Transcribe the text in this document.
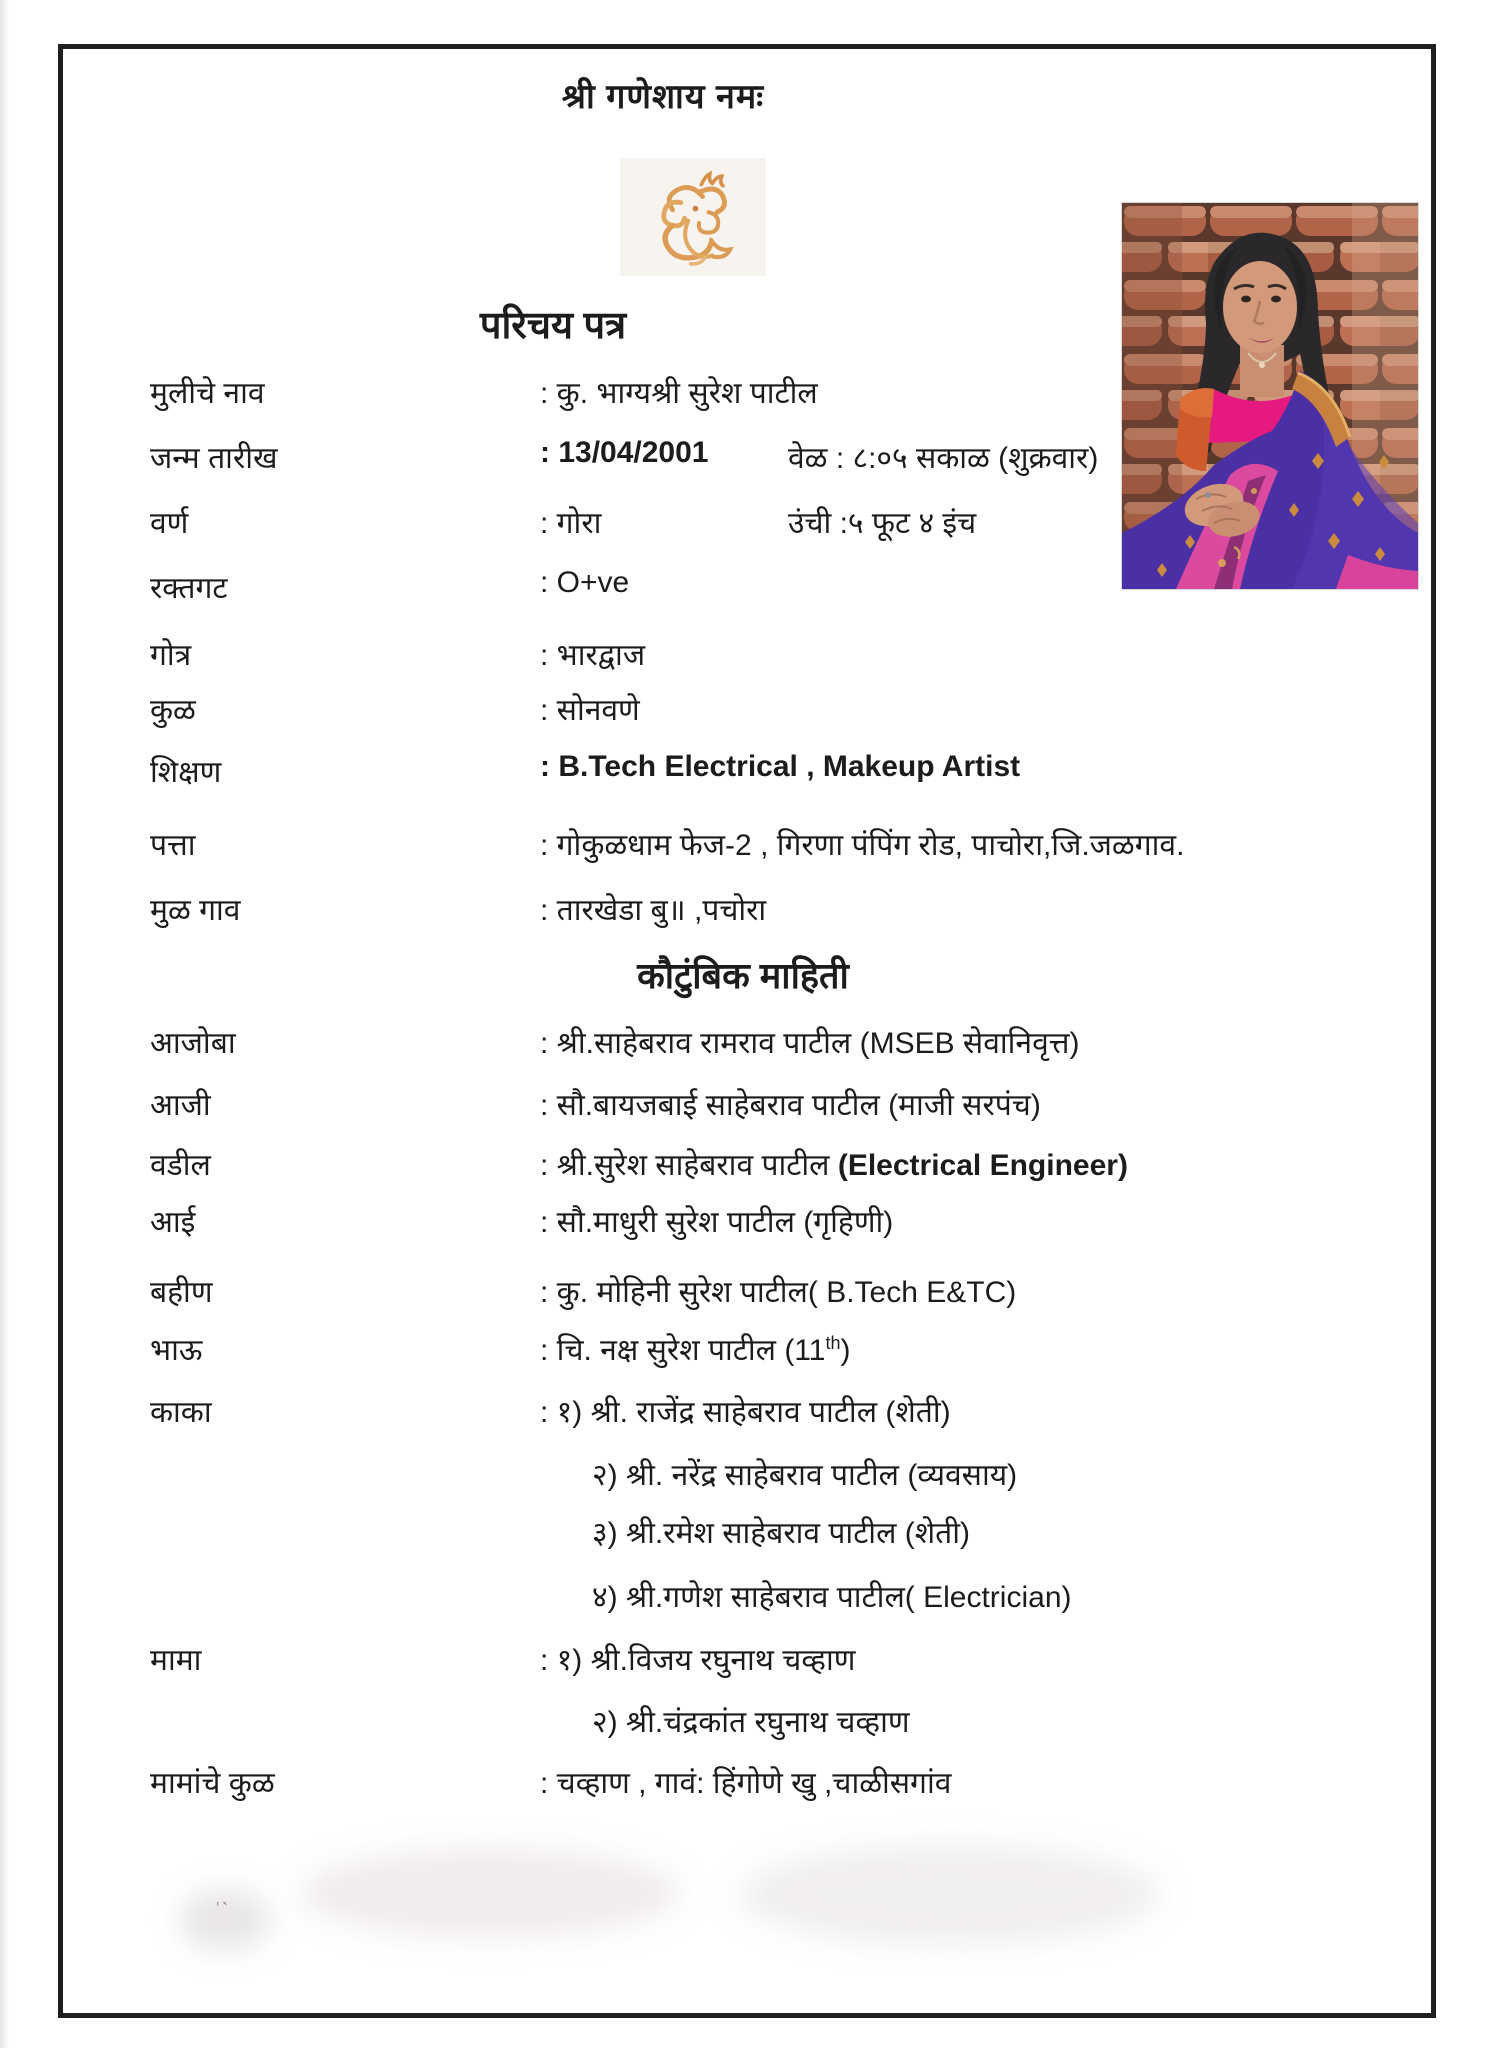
श्री गणेशाय नमः
परिचय पत्र
मुलीचे नाव	: कु. भाग्यश्री सुरेश पाटील
जन्म तारीख	: 13/04/2001	वेळ : ८:०५ सकाळ (शुक्रवार)
वर्ण	: गोरा	उंची :५ फूट ४ इंच
रक्तगट	: O+ve
गोत्र	: भारद्वाज
कुळ	: सोनवणे
शिक्षण	: B.Tech Electrical , Makeup Artist
पत्ता	: गोकुळधाम फेज-2 , गिरणा पंपिंग रोड, पाचोरा,जि.जळगाव.
मुळ गाव	: तारखेडा बु॥ ,पचोरा
कौटुंबिक माहिती
आजोबा	: श्री.साहेबराव रामराव पाटील (MSEB सेवानिवृत्त)
आजी	: सौ.बायजबाई साहेबराव पाटील (माजी सरपंच)
वडील	: श्री.सुरेश साहेबराव पाटील (Electrical Engineer)
आई	: सौ.माधुरी सुरेश पाटील (गृहिणी)
बहीण	: कु. मोहिनी सुरेश पाटील( B.Tech E&TC)
भाऊ	: चि. नक्ष सुरेश पाटील (11th)
काका	: १) श्री. राजेंद्र साहेबराव पाटील (शेती)
२) श्री. नरेंद्र साहेबराव पाटील (व्यवसाय)
३) श्री.रमेश साहेबराव पाटील (शेती)
४) श्री.गणेश साहेबराव पाटील( Electrician)
मामा	: १) श्री.विजय रघुनाथ चव्हाण
२) श्री.चंद्रकांत रघुनाथ चव्हाण
मामांचे कुळ	: चव्हाण , गावं: हिंगोणे खु ,चाळीसगांव
ˈˋ
